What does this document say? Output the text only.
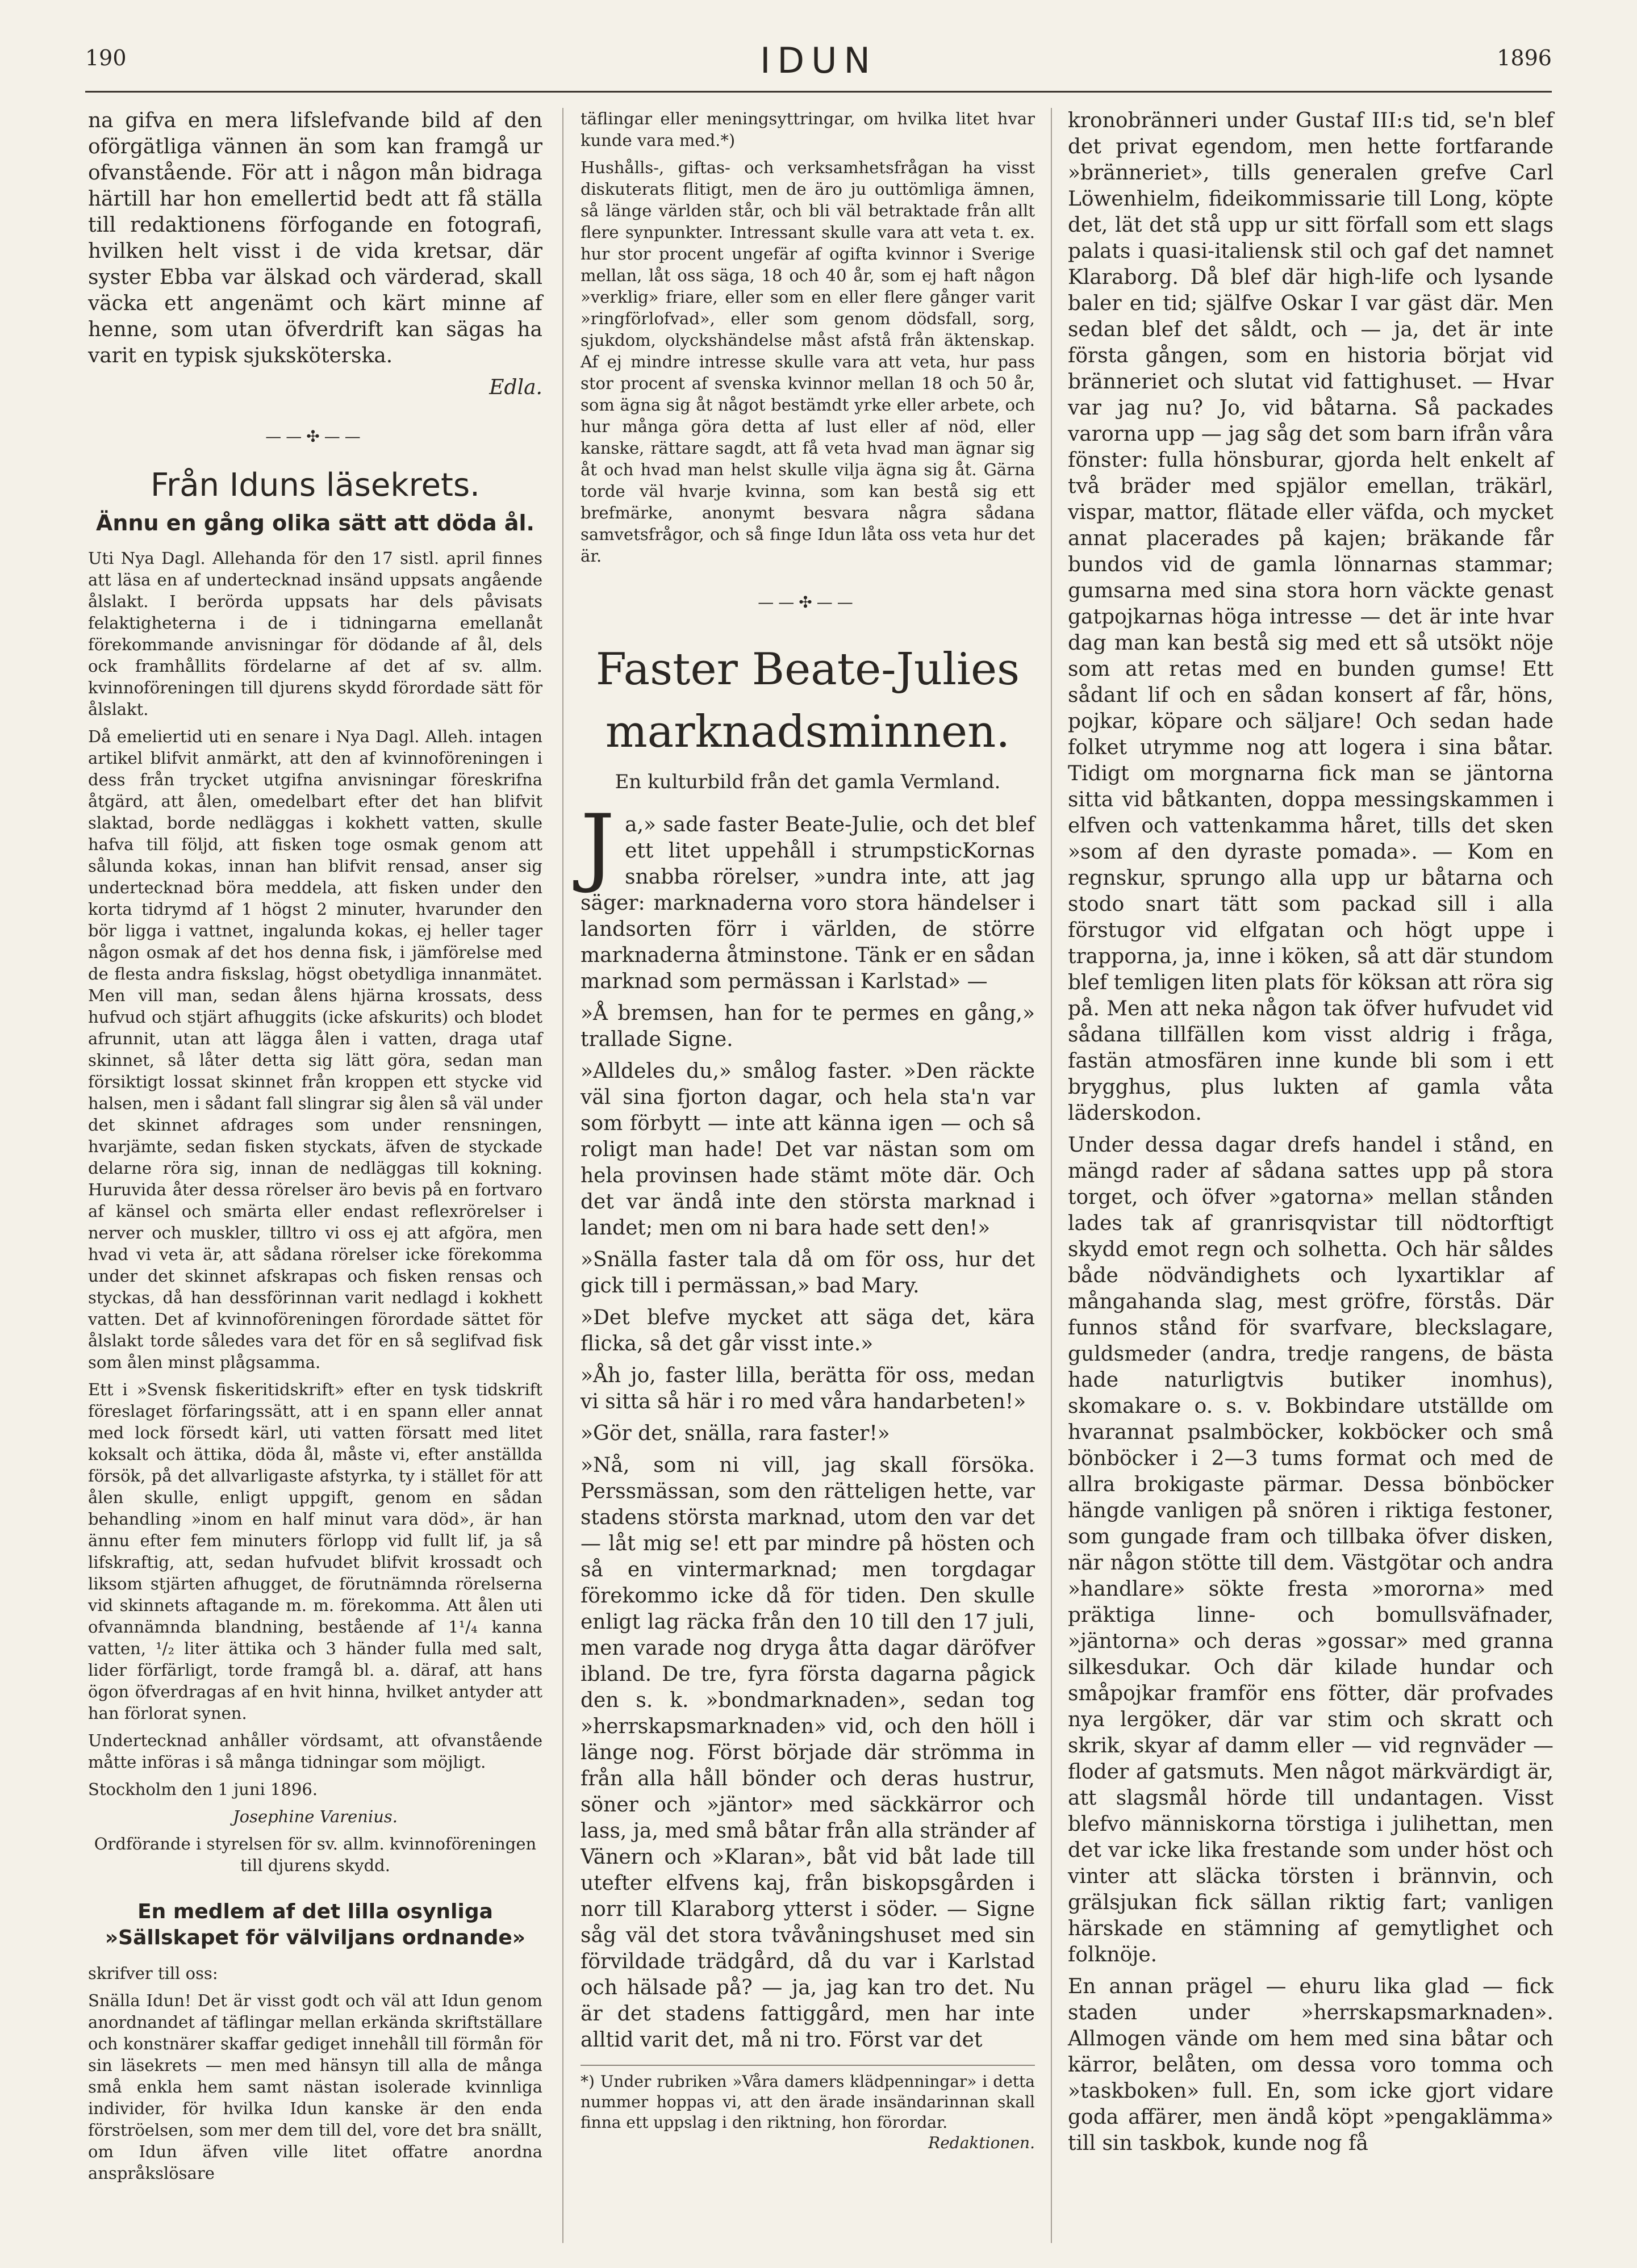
190	IDUN	1896

na gifva en mera lifslefvande bild af den oförgätliga vännen än som kan framgå ur ofvanstående. För att i någon mån bidraga härtill har hon emellertid bedt att få ställa till redaktionens förfogande en fotografi, hvilken helt visst i de vida kretsar, där syster Ebba var älskad och värderad, skall väcka ett angenämt och kärt minne af henne, som utan öfverdrift kan sägas ha varit en typisk sjuksköterska.

Edla.

——✣——
Från Iduns läsekrets.
Ännu en gång olika sätt att döda ål.

Uti Nya Dagl. Allehanda för den 17 sistl. april finnes att läsa en af undertecknad insänd uppsats angående ålslakt. I berörda uppsats har dels påvisats felaktigheterna i de i tidningarna emellanåt förekommande anvisningar för dödande af ål, dels ock framhållits fördelarne af det af sv. allm. kvinnoföreningen till djurens skydd förordade sätt för ålslakt.

Då emeliertid uti en senare i Nya Dagl. Alleh. intagen artikel blifvit anmärkt, att den af kvinnoföreningen i dess från trycket utgifna anvisningar föreskrifna åtgärd, att ålen, omedelbart efter det han blifvit slaktad, borde nedläggas i kokhett vatten, skulle hafva till följd, att fisken toge osmak genom att sålunda kokas, innan han blifvit rensad, anser sig undertecknad böra meddela, att fisken under den korta tidrymd af 1 högst 2 minuter, hvarunder den bör ligga i vattnet, ingalunda kokas, ej heller tager någon osmak af det hos denna fisk, i jämförelse med de flesta andra fiskslag, högst obetydliga innanmätet. Men vill man, sedan ålens hjärna krossats, dess hufvud och stjärt afhuggits (icke afskurits) och blodet afrunnit, utan att lägga ålen i vatten, draga utaf skinnet, så låter detta sig lätt göra, sedan man försiktigt lossat skinnet från kroppen ett stycke vid halsen, men i sådant fall slingrar sig ålen så väl under det skinnet afdrages som under rensningen, hvarjämte, sedan fisken styckats, äfven de styckade delarne röra sig, innan de nedläggas till kokning. Huruvida åter dessa rörelser äro bevis på en fortvaro af känsel och smärta eller endast reflexrörelser i nerver och muskler, tilltro vi oss ej att afgöra, men hvad vi veta är, att sådana rörelser icke förekomma under det skinnet afskrapas och fisken rensas och styckas, då han dessförinnan varit nedlagd i kokhett vatten. Det af kvinnoföreningen förordade sättet för ålslakt torde således vara det för en så seglifvad fisk som ålen minst plågsamma.

Ett i »Svensk fiskeritidskrift» efter en tysk tidskrift föreslaget förfaringssätt, att i en spann eller annat med lock försedt kärl, uti vatten försatt med litet koksalt och ättika, döda ål, måste vi, efter anställda försök, på det allvarligaste afstyrka, ty i stället för att ålen skulle, enligt uppgift, genom en sådan behandling »inom en half minut vara död», är han ännu efter fem minuters förlopp vid fullt lif, ja så lifskraftig, att, sedan hufvudet blifvit krossadt och liksom stjärten afhugget, de förutnämnda rörelserna vid skinnets aftagande m. m. förekomma. Att ålen uti ofvannämnda blandning, bestående af 1¹/₄ kanna vatten, ¹/₂ liter ättika och 3 händer fulla med salt, lider förfärligt, torde framgå bl. a. däraf, att hans ögon öfverdragas af en hvit hinna, hvilket antyder att han förlorat synen.

Undertecknad anhåller vördsamt, att ofvanstående måtte införas i så många tidningar som möjligt.

Stockholm den 1 juni 1896.

Josephine Varenius.

Ordförande i styrelsen för sv. allm. kvinnoföreningen till djurens skydd.

En medlem af det lilla osynliga »Sällskapet för välviljans ordnande»

skrifver till oss:

Snälla Idun! Det är visst godt och väl att Idun genom anordnandet af täflingar mellan erkända skriftställare och konstnärer skaffar gediget innehåll till förmån för sin läsekrets — men med hänsyn till alla de många små enkla hem samt nästan isolerade kvinnliga individer, för hvilka Idun kanske är den enda förströelsen, som mer dem till del, vore det bra snällt, om Idun äfven ville litet offatre anordna anspråkslösare

täflingar eller meningsyttringar, om hvilka litet hvar kunde vara med.*)

Hushålls-, giftas- och verksamhetsfrågan ha visst diskuterats flitigt, men de äro ju outtömliga ämnen, så länge världen står, och bli väl betraktade från allt flere synpunkter. Intressant skulle vara att veta t. ex. hur stor procent ungefär af ogifta kvinnor i Sverige mellan, låt oss säga, 18 och 40 år, som ej haft någon »verklig» friare, eller som en eller flere gånger varit »ringförlofvad», eller som genom dödsfall, sorg, sjukdom, olyckshändelse måst afstå från äktenskap. Af ej mindre intresse skulle vara att veta, hur pass stor procent af svenska kvinnor mellan 18 och 50 år, som ägna sig åt något bestämdt yrke eller arbete, och hur många göra detta af lust eller af nöd, eller kanske, rättare sagdt, att få veta hvad man ägnar sig åt och hvad man helst skulle vilja ägna sig åt. Gärna torde väl hvarje kvinna, som kan bestå sig ett brefmärke, anonymt besvara några sådana samvetsfrågor, och så finge Idun låta oss veta hur det är.

——✣——
Faster Beate-Julies
marknadsminnen.
En kulturbild från det gamla Vermland.

Ja,» sade faster Beate-Julie, och det blef ett litet uppehåll i strumpsticKornas snabba rörelser, »undra inte, att jag säger: marknaderna voro stora händelser i landsorten förr i världen, de större marknaderna åtminstone. Tänk er en sådan marknad som permässan i Karlstad» —

»Å bremsen, han for te permes en gång,» trallade Signe.

»Alldeles du,» smålog faster. »Den räckte väl sina fjorton dagar, och hela sta'n var som förbytt — inte att känna igen — och så roligt man hade! Det var nästan som om hela provinsen hade stämt möte där. Och det var ändå inte den största marknad i landet; men om ni bara hade sett den!»

»Snälla faster tala då om för oss, hur det gick till i permässan,» bad Mary.

»Det blefve mycket att säga det, kära flicka, så det går visst inte.»

»Åh jo, faster lilla, berätta för oss, medan vi sitta så här i ro med våra handarbeten!»

»Gör det, snälla, rara faster!»

»Nå, som ni vill, jag skall försöka. Perssmässan, som den rätteligen hette, var stadens största marknad, utom den var det — låt mig se! ett par mindre på hösten och så en vintermarknad; men torgdagar förekommo icke då för tiden. Den skulle enligt lag räcka från den 10 till den 17 juli, men varade nog dryga åtta dagar däröfver ibland. De tre, fyra första dagarna pågick den s. k. »bondmarknaden», sedan tog »herrskapsmarknaden» vid, och den höll i länge nog. Först började där strömma in från alla håll bönder och deras hustrur, söner och »jäntor» med säckkärror och lass, ja, med små båtar från alla stränder af Vänern och »Klaran», båt vid båt lade till utefter elfvens kaj, från biskopsgården i norr till Klaraborg ytterst i söder. — Signe såg väl det stora tvåvåningshuset med sin förvildade trädgård, då du var i Karlstad och hälsade på? — ja, jag kan tro det. Nu är det stadens fattiggård, men har inte alltid varit det, må ni tro. Först var det

*) Under rubriken »Våra damers klädpenningar» i detta nummer hoppas vi, att den ärade insändarinnan skall finna ett uppslag i den riktning, hon förordar.
Redaktionen.

kronobränneri under Gustaf III:s tid, se'n blef det privat egendom, men hette fortfarande »bränneriet», tills generalen grefve Carl Löwenhielm, fideikommissarie till Long, köpte det, lät det stå upp ur sitt förfall som ett slags palats i quasi-italiensk stil och gaf det namnet Klaraborg. Då blef där high-life och lysande baler en tid; själfve Oskar I var gäst där. Men sedan blef det såldt, och — ja, det är inte första gången, som en historia börjat vid bränneriet och slutat vid fattighuset. — Hvar var jag nu? Jo, vid båtarna. Så packades varorna upp — jag såg det som barn ifrån våra fönster: fulla hönsburar, gjorda helt enkelt af två bräder med spjälor emellan, träkärl, vispar, mattor, flätade eller väfda, och mycket annat placerades på kajen; bräkande får bundos vid de gamla lönnarnas stammar; gumsarna med sina stora horn väckte genast gatpojkarnas höga intresse — det är inte hvar dag man kan bestå sig med ett så utsökt nöje som att retas med en bunden gumse! Ett sådant lif och en sådan konsert af får, höns, pojkar, köpare och säljare! Och sedan hade folket utrymme nog att logera i sina båtar. Tidigt om morgnarna fick man se jäntorna sitta vid båtkanten, doppa messingskammen i elfven och vattenkamma håret, tills det sken »som af den dyraste pomada». — Kom en regnskur, sprungo alla upp ur båtarna och stodo snart tätt som packad sill i alla förstugor vid elfgatan och högt uppe i trapporna, ja, inne i köken, så att där stundom blef temligen liten plats för köksan att röra sig på. Men att neka någon tak öfver hufvudet vid sådana tillfällen kom visst aldrig i fråga, fastän atmosfären inne kunde bli som i ett brygghus, plus lukten af gamla våta läderskodon.

Under dessa dagar drefs handel i stånd, en mängd rader af sådana sattes upp på stora torget, och öfver »gatorna» mellan stånden lades tak af granrisqvistar till nödtorftigt skydd emot regn och solhetta. Och här såldes både nödvändighets och lyxartiklar af mångahanda slag, mest gröfre, förstås. Där funnos stånd för svarfvare, bleckslagare, guldsmeder (andra, tredje rangens, de bästa hade naturligtvis butiker inomhus), skomakare o. s. v. Bokbindare utställde om hvarannat psalmböcker, kokböcker och små bönböcker i 2—3 tums format och med de allra brokigaste pärmar. Dessa bönböcker hängde vanligen på snören i riktiga festoner, som gungade fram och tillbaka öfver disken, när någon stötte till dem. Västgötar och andra »handlare» sökte fresta »mororna» med präktiga linne- och bomullsväfnader, »jäntorna» och deras »gossar» med granna silkesdukar. Och där kilade hundar och småpojkar framför ens fötter, där profvades nya lergöker, där var stim och skratt och skrik, skyar af damm eller — vid regnväder — floder af gatsmuts. Men något märkvärdigt är, att slagsmål hörde till undantagen. Visst blefvo människorna törstiga i julihettan, men det var icke lika frestande som under höst och vinter att släcka törsten i brännvin, och grälsjukan fick sällan riktig fart; vanligen härskade en stämning af gemytlighet och folknöje.

En annan prägel — ehuru lika glad — fick staden under »herrskapsmarknaden». Allmogen vände om hem med sina båtar och kärror, belåten, om dessa voro tomma och »taskboken» full. En, som icke gjort vidare goda affärer, men ändå köpt »pengaklämma» till sin taskbok, kunde nog få
